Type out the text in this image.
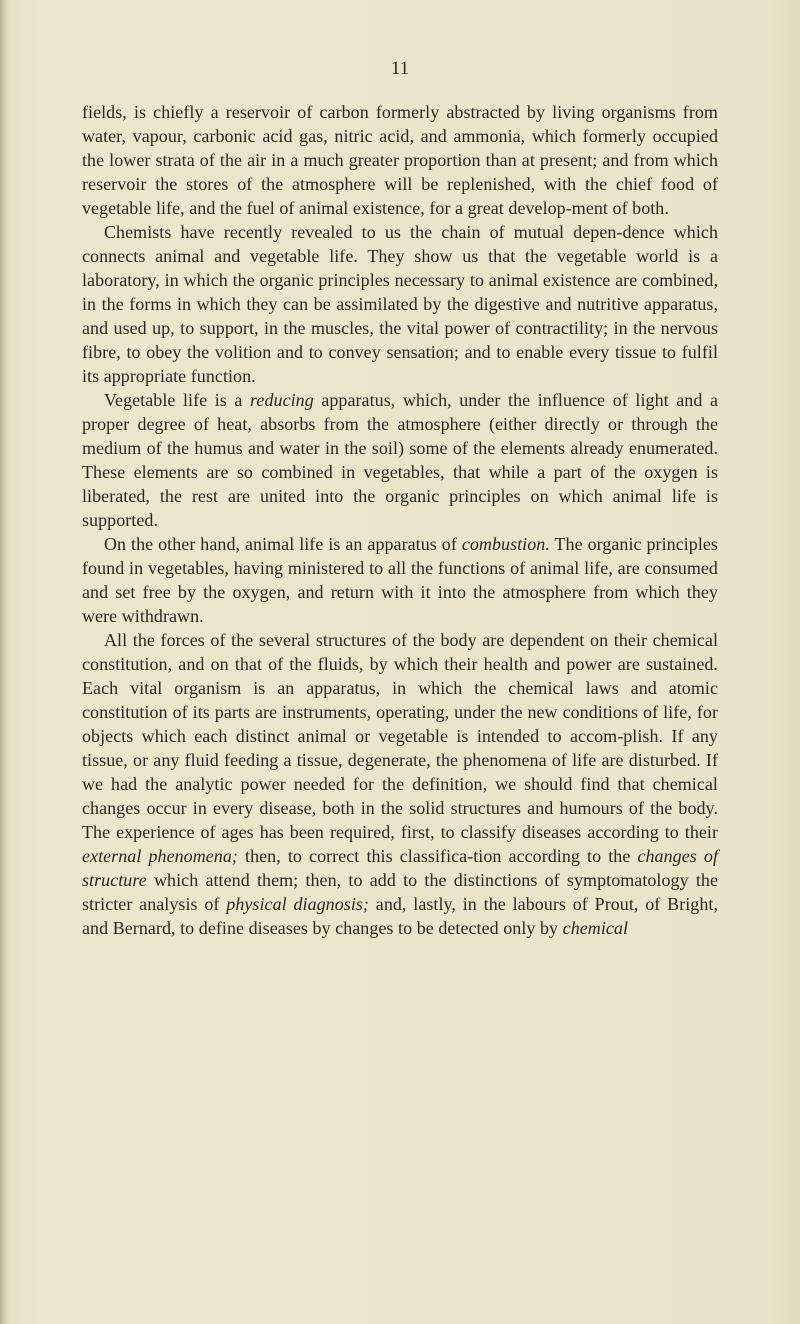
11

fields, is chiefly a reservoir of carbon formerly abstracted by living organisms from water, vapour, carbonic acid gas, nitric acid, and ammonia, which formerly occupied the lower strata of the air in a much greater proportion than at present; and from which reservoir the stores of the atmosphere will be replenished, with the chief food of vegetable life, and the fuel of animal existence, for a great develop-ment of both.

Chemists have recently revealed to us the chain of mutual depen-dence which connects animal and vegetable life. They show us that the vegetable world is a laboratory, in which the organic principles necessary to animal existence are combined, in the forms in which they can be assimilated by the digestive and nutritive apparatus, and used up, to support, in the muscles, the vital power of contractility; in the nervous fibre, to obey the volition and to convey sensation; and to enable every tissue to fulfil its appropriate function.

Vegetable life is a reducing apparatus, which, under the influence of light and a proper degree of heat, absorbs from the atmosphere (either directly or through the medium of the humus and water in the soil) some of the elements already enumerated. These elements are so combined in vegetables, that while a part of the oxygen is liberated, the rest are united into the organic principles on which animal life is supported.

On the other hand, animal life is an apparatus of combustion. The organic principles found in vegetables, having ministered to all the functions of animal life, are consumed and set free by the oxygen, and return with it into the atmosphere from which they were withdrawn.

All the forces of the several structures of the body are dependent on their chemical constitution, and on that of the fluids, by which their health and power are sustained. Each vital organism is an apparatus, in which the chemical laws and atomic constitution of its parts are instruments, operating, under the new conditions of life, for objects which each distinct animal or vegetable is intended to accom-plish. If any tissue, or any fluid feeding a tissue, degenerate, the phenomena of life are disturbed. If we had the analytic power needed for the definition, we should find that chemical changes occur in every disease, both in the solid structures and humours of the body. The experience of ages has been required, first, to classify diseases according to their external phenomena; then, to correct this classifica-tion according to the changes of structure which attend them; then, to add to the distinctions of symptomatology the stricter analysis of physical diagnosis; and, lastly, in the labours of Prout, of Bright, and Bernard, to define diseases by changes to be detected only by chemical
